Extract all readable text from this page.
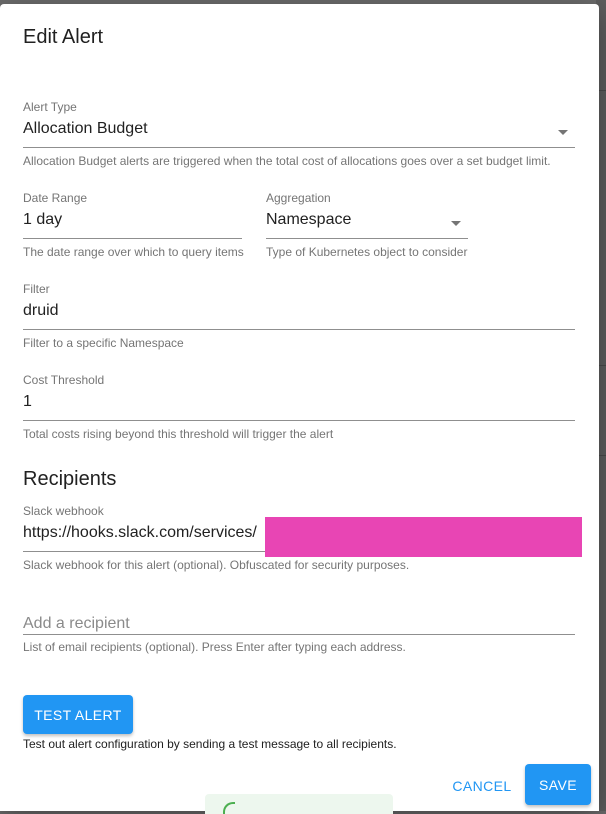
Edit Alert
Alert Type
Allocation Budget
Allocation Budget alerts are triggered when the total cost of allocations goes over a set budget limit.
Date Range
1 day
The date range over which to query items
Aggregation
Namespace
Type of Kubernetes object to consider
Filter
druid
Filter to a specific Namespace
Cost Threshold
1
Total costs rising beyond this threshold will trigger the alert
Recipients
Slack webhook
https://hooks.slack.com/services/
Slack webhook for this alert (optional). Obfuscated for security purposes.
Add a recipient
List of email recipients (optional). Press Enter after typing each address.
TEST ALERT
Test out alert configuration by sending a test message to all recipients.
CANCEL	SAVE
